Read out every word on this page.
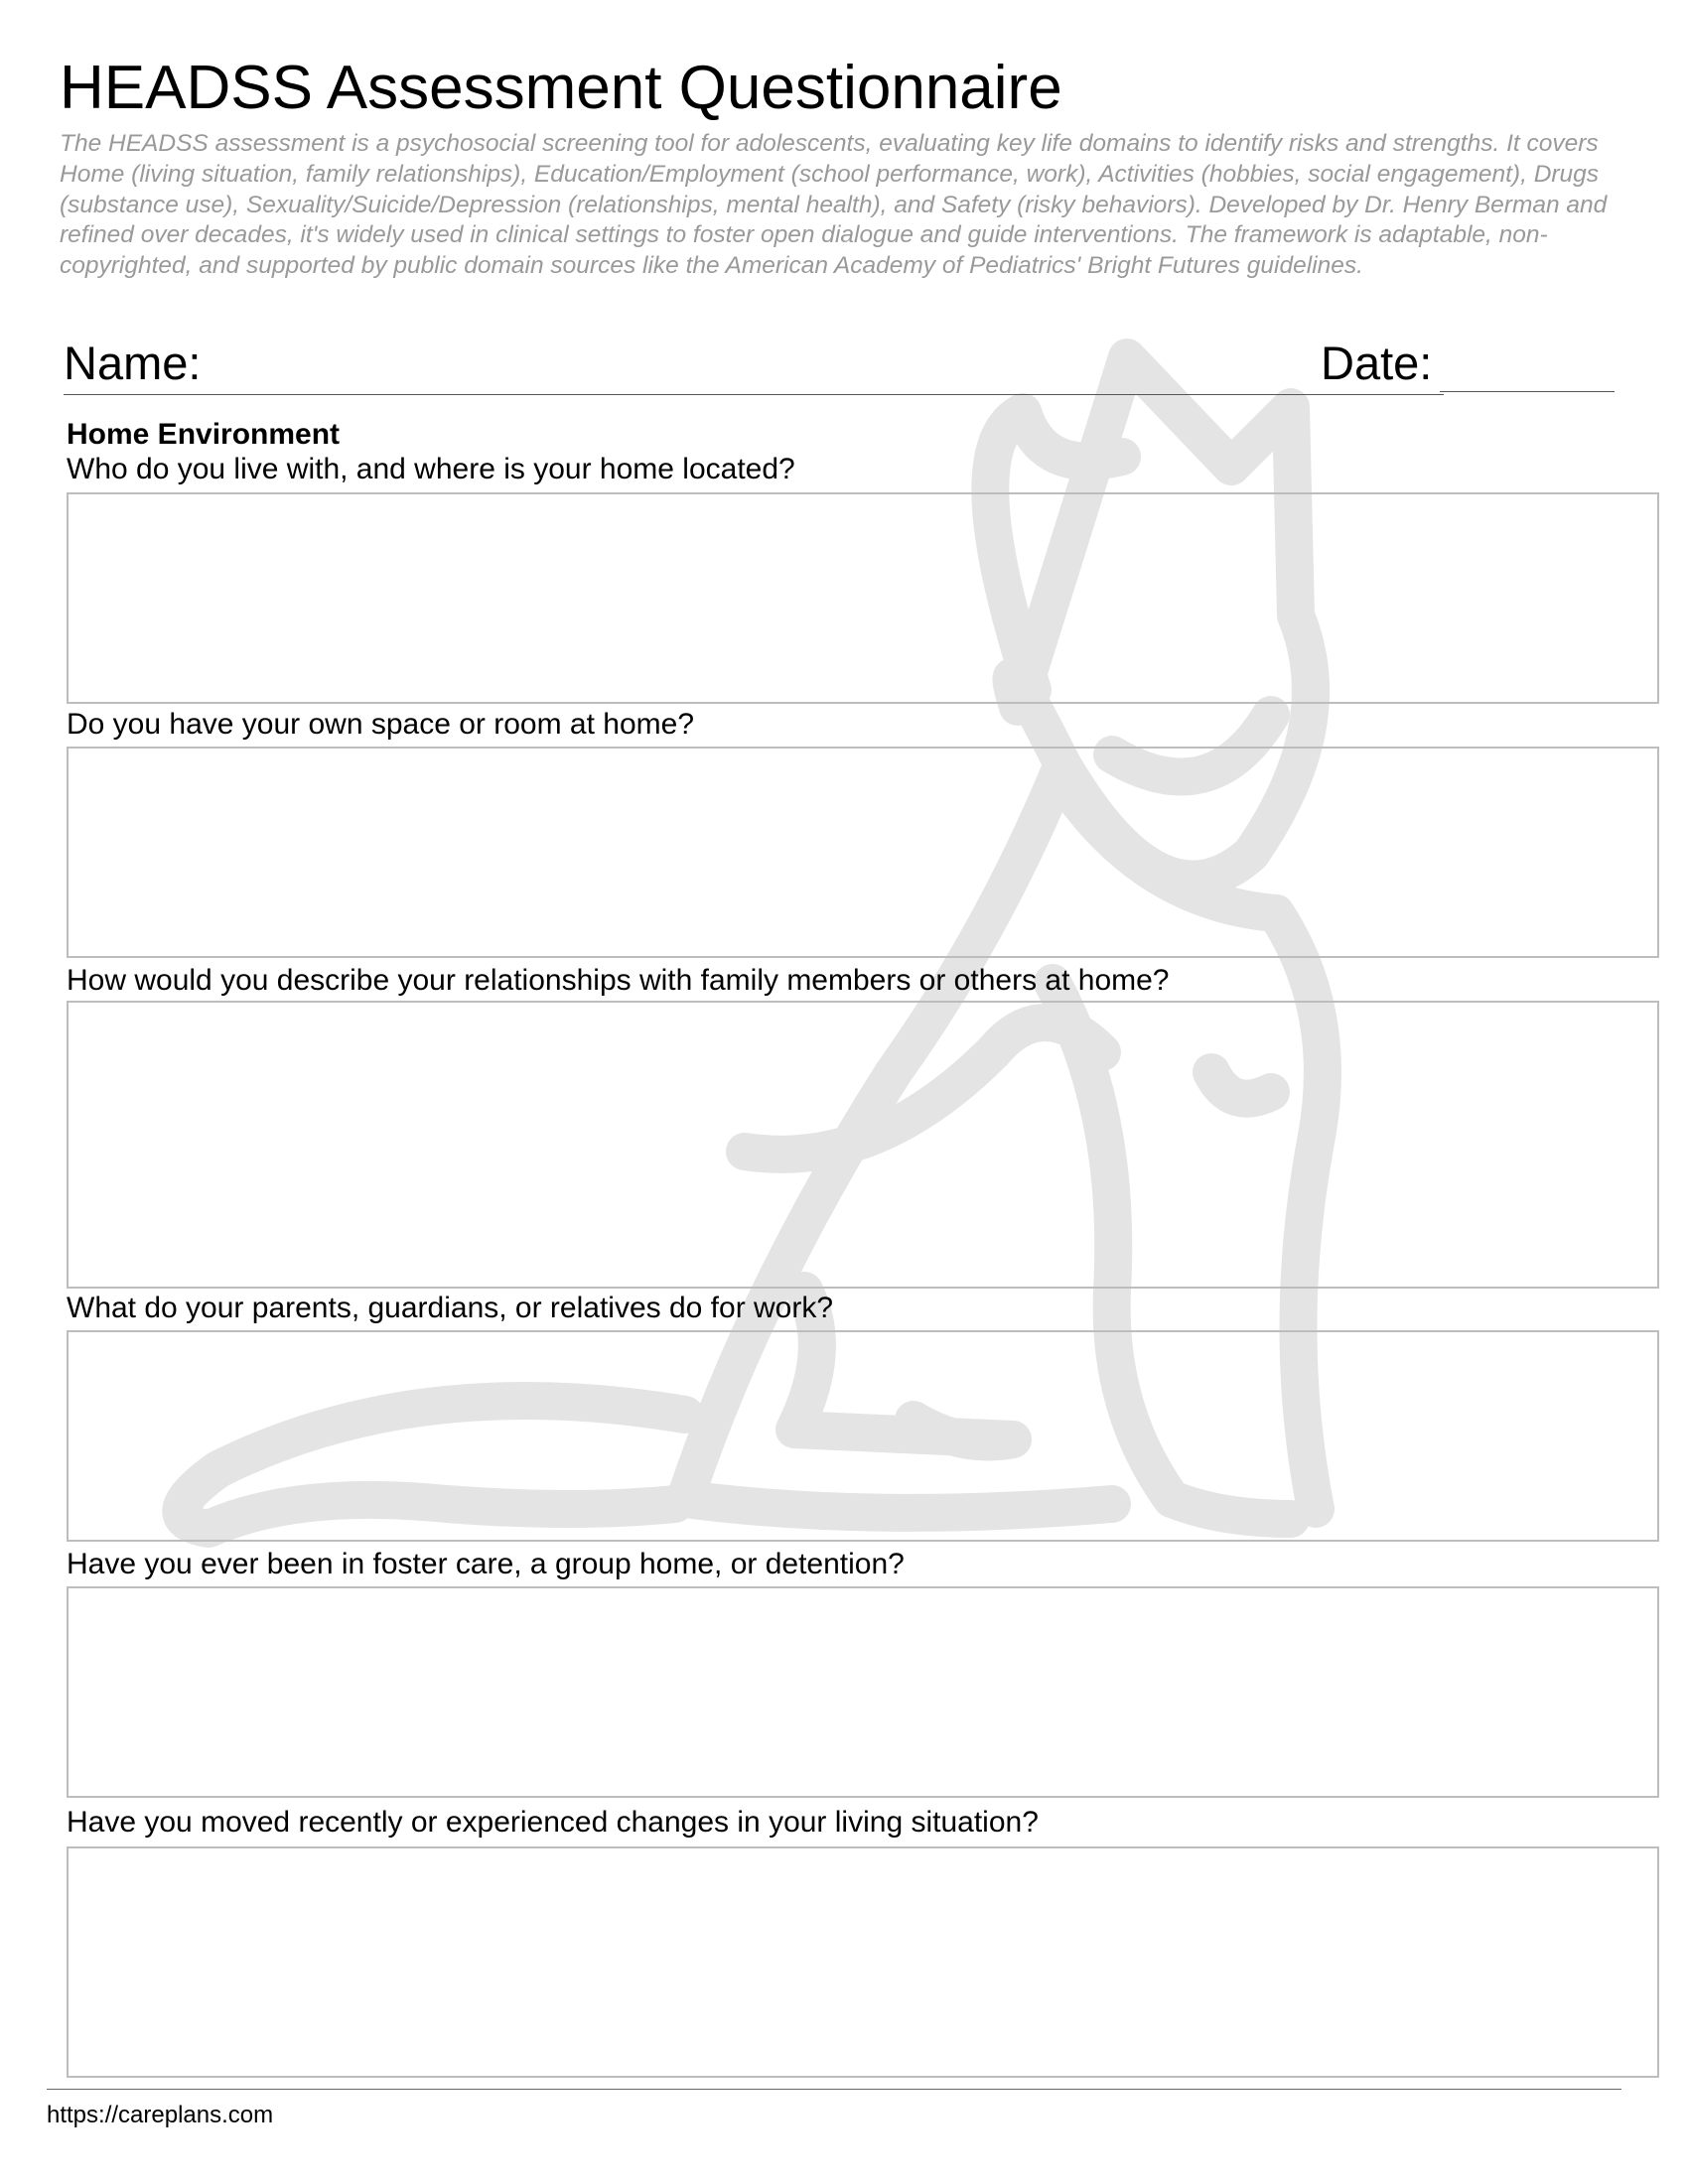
HEADSS Assessment Questionnaire

The HEADSS assessment is a psychosocial screening tool for adolescents, evaluating key life domains to identify risks and strengths. It covers Home (living situation, family relationships), Education/Employment (school performance, work), Activities (hobbies, social engagement), Drugs (substance use), Sexuality/Suicide/Depression (relationships, mental health), and Safety (risky behaviors). Developed by Dr. Henry Berman and refined over decades, it's widely used in clinical settings to foster open dialogue and guide interventions. The framework is adaptable, non-copyrighted, and supported by public domain sources like the American Academy of Pediatrics' Bright Futures guidelines.

Name:	Date:
Home Environment
Who do you live with, and where is your home located?
Do you have your own space or room at home?
How would you describe your relationships with family members or others at home?
What do your parents, guardians, or relatives do for work?
Have you ever been in foster care, a group home, or detention?
Have you moved recently or experienced changes in your living situation?
https://careplans.com
